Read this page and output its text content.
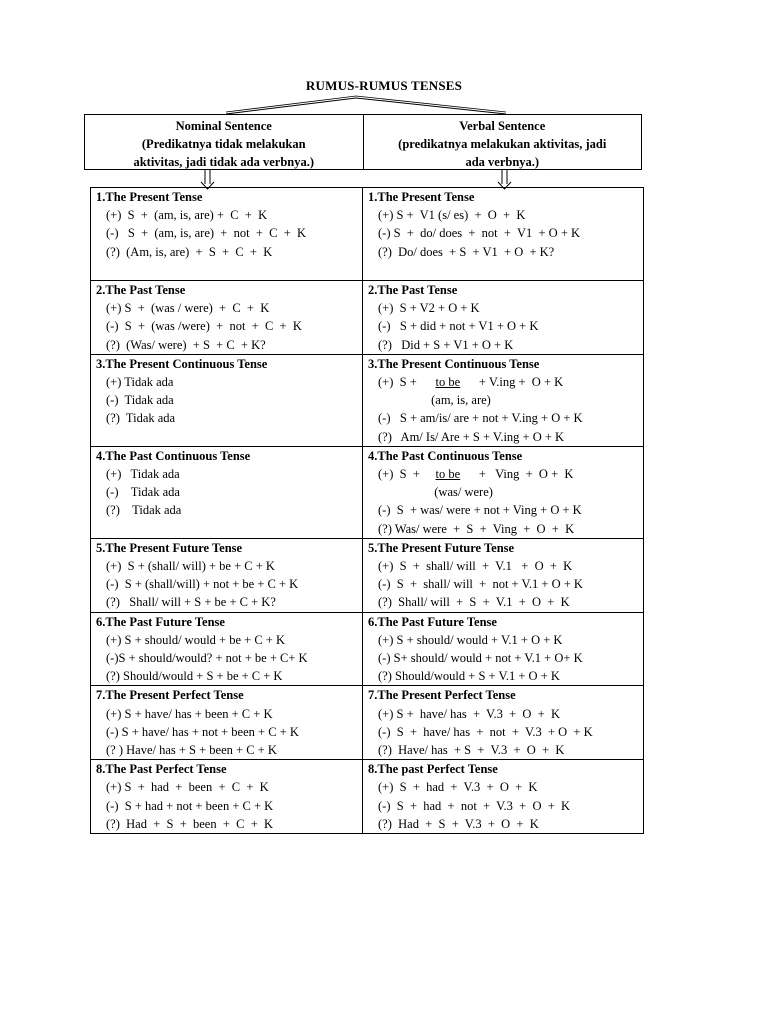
RUMUS-RUMUS TENSES
Nominal Sentence
(Predikatnya tidak melakukan
aktivitas, jadi tidak ada verbnya.)
Verbal Sentence
(predikatnya melakukan aktivitas, jadi
ada verbnya.)
1.The Present Tense
(+)  S  +  (am, is, are) +  C  +  K
(-)   S  +  (am, is, are)  +  not  +  C  +  K
(?)  (Am, is, are)  +  S  +  C  +  K	1.The Present Tense
(+) S +  V1 (s/ es)  +  O  +  K
(-) S  +  do/ does  +  not  +  V1  + O + K
(?)  Do/ does  + S  + V1  + O  + K?

2.The Past Tense
(+) S  +  (was / were)  +  C  +  K
(-)  S  +  (was /were)  +  not  +  C  +  K
(?)  (Was/ were)  + S  + C  + K?	2.The Past Tense
(+)  S + V2 + O + K
(-)   S + did + not + V1 + O + K
(?)   Did + S + V1 + O + K

3.The Present Continuous Tense
(+) Tidak ada
(-)  Tidak ada
(?)  Tidak ada	3.The Present Continuous Tense
(+)  S +      to be      + V.ing +  O + K
(am, is, are)
(-)   S + am/is/ are + not + V.ing + O + K
(?)   Am/ Is/ Are + S + V.ing + O + K

4.The Past Continuous Tense
(+)   Tidak ada
(-)    Tidak ada
(?)    Tidak ada	4.The Past Continuous Tense
(+)  S  +     to be      +   Ving  +  O +  K
(was/ were)
(-)  S  + was/ were + not + Ving + O + K
(?) Was/ were  +  S  +  Ving  +  O  +  K

5.The Present Future Tense
(+)  S + (shall/ will) + be + C + K
(-)  S + (shall/will) + not + be + C + K
(?)   Shall/ will + S + be + C + K?	5.The Present Future Tense
(+)  S  +  shall/ will  +  V.1   +  O  +  K
(-)  S  +  shall/ will  +  not + V.1 + O + K
(?)  Shall/ will  +  S  +  V.1  +  O  +  K

6.The Past Future Tense
(+) S + should/ would + be + C + K
(-)S + should/would? + not + be + C+ K
(?) Should/would + S + be + C + K	6.The Past Future Tense
(+) S + should/ would + V.1 + O + K
(-) S+ should/ would + not + V.1 + O+ K
(?) Should/would + S + V.1 + O + K

7.The Present Perfect Tense
(+) S + have/ has + been + C + K
(-) S + have/ has + not + been + C + K
(? ) Have/ has + S + been + C + K	7.The Present Perfect Tense
(+) S +  have/ has  +  V.3  +  O  +  K
(-)  S  +  have/ has  +  not  +  V.3  + O  + K
(?)  Have/ has  + S  +  V.3  +  O  +  K

8.The Past Perfect Tense
(+) S  +  had  +  been  +  C  +  K
(-)  S + had + not + been + C + K
(?)  Had  +  S  +  been  +  C  +  K	8.The past Perfect Tense
(+)  S  +  had  +  V.3  +  O  +  K
(-)  S  +  had  +  not  +  V.3  +  O  +  K
(?)  Had  +  S  +  V.3  +  O  +  K
